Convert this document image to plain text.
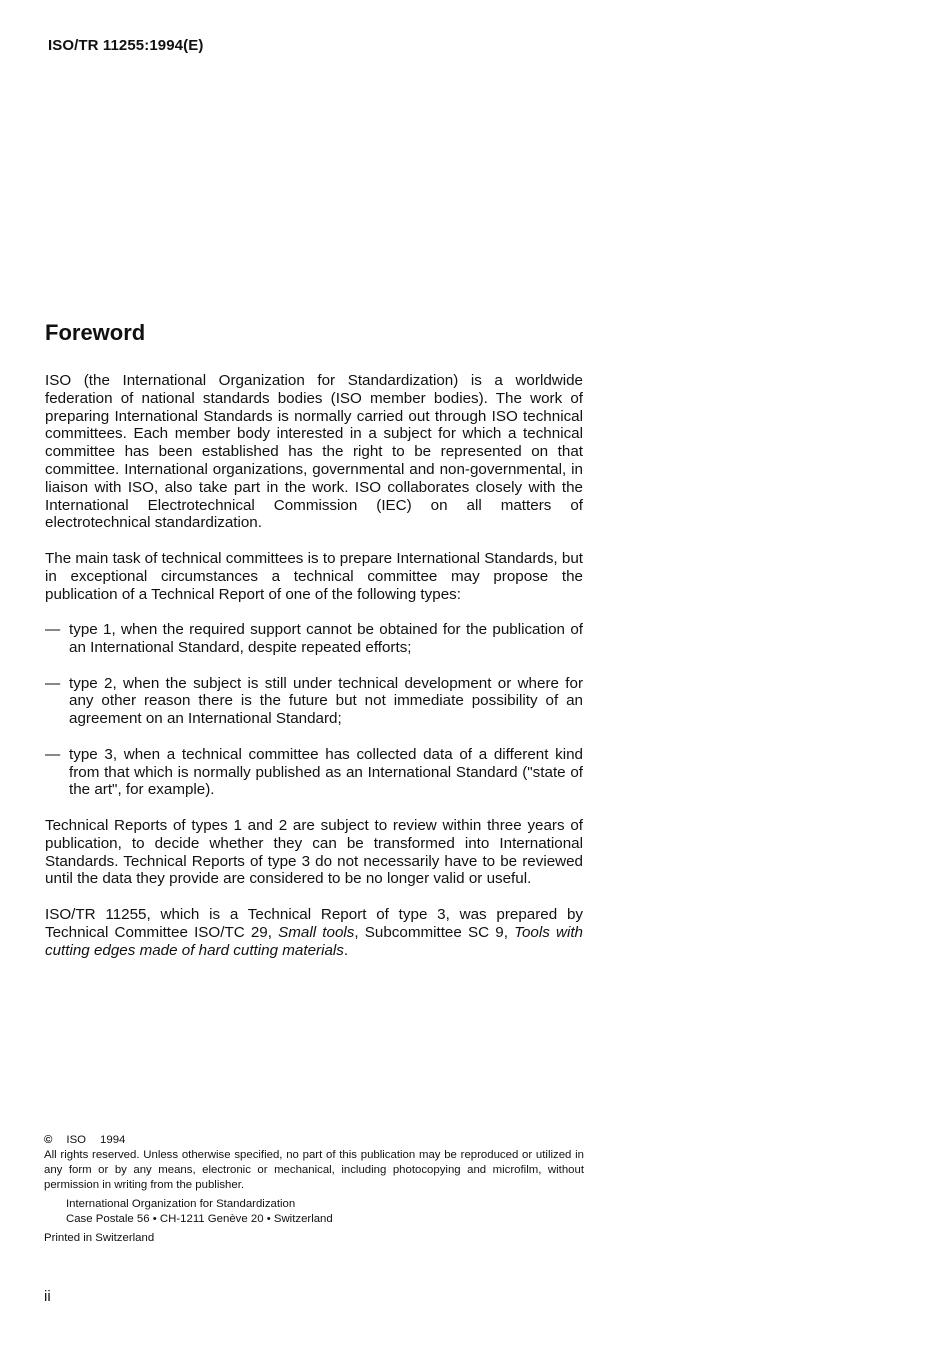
ISO/TR 11255:1994(E)
Foreword

ISO (the International Organization for Standardization) is a worldwide federation of national standards bodies (ISO member bodies). The work of preparing International Standards is normally carried out through ISO technical committees. Each member body interested in a subject for which a technical committee has been established has the right to be represented on that committee. International organizations, governmental and non-governmental, in liaison with ISO, also take part in the work. ISO collaborates closely with the International Electrotechnical Commission (IEC) on all matters of electrotechnical standardization.

The main task of technical committees is to prepare International Standards, but in exceptional circumstances a technical committee may propose the publication of a Technical Report of one of the following types:

— type 1, when the required support cannot be obtained for the publication of an International Standard, despite repeated efforts;
— type 2, when the subject is still under technical development or where for any other reason there is the future but not immediate possibility of an agreement on an International Standard;
— type 3, when a technical committee has collected data of a different kind from that which is normally published as an International Standard ("state of the art", for example).

Technical Reports of types 1 and 2 are subject to review within three years of publication, to decide whether they can be transformed into International Standards. Technical Reports of type 3 do not necessarily have to be reviewed until the data they provide are considered to be no longer valid or useful.

ISO/TR 11255, which is a Technical Report of type 3, was prepared by Technical Committee ISO/TC 29, Small tools, Subcommittee SC 9, Tools with cutting edges made of hard cutting materials.

© ISO 1994
All rights reserved. Unless otherwise specified, no part of this publication may be reproduced or utilized in any form or by any means, electronic or mechanical, including photocopying and microfilm, without permission in writing from the publisher.
International Organization for Standardization
Case Postale 56 • CH-1211 Genève 20 • Switzerland
Printed in Switzerland
ii
